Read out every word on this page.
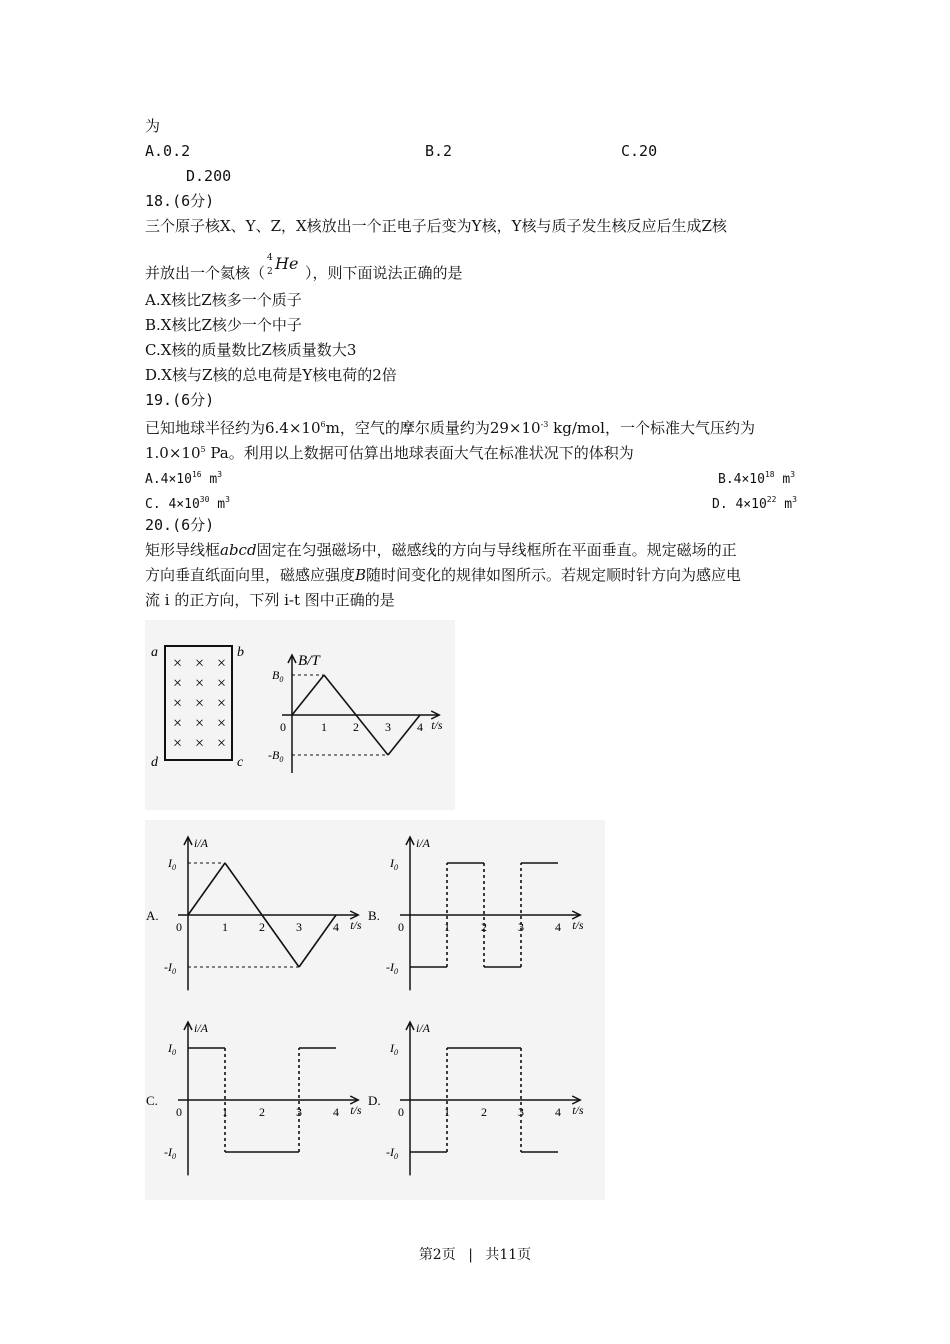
为
A.0.2	B.2	C.20
D.200
18.(6分)
三个原子核X、Y、Z，X核放出一个正电子后变为Y核，Y核与质子发生核反应后生成Z核
并放出一个氦核（
4
2 He ），则下面说法正确的是
A.X核比Z核多一个质子
B.X核比Z核少一个中子
C.X核的质量数比Z核质量数大3
D.X核与Z核的总电荷是Y核电荷的2倍
19.(6分)
已知地球半径约为$6.4\times 10^6m$，空气的摩尔质量约为$29\times 10^{-3}$ kg/mol，一个标准大气压约为
$1.0\times 10^5$ Pa。利用以上数据可估算出地球表面大气在标准状况下的体积为
$A.4\times 10^{16}$ $m^3$	$B.4\times 10^{18}$ $m^3$
C. $4\times 10^{30}$ $m^3$	D. $4\times 10^{22}$ $m^3$
20.(6分)
矩形导线框abcd固定在匀强磁场中，磁感线的方向与导线框所在平面垂直。规定磁场的正
方向垂直纸面向里，磁感应强度B随时间变化的规律如图所示。若规定顺时针方向为感应电
流 i 的正方向，下列 i-t 图中正确的是
a	b
c
d
× × ×
× × ×
× × ×
× × ×
× × ×
B/T
t/s
0	1 2 3 4
$B_0$
$-B_0$
i/A
t/s
0	1	2	3	4
$I_0$
$-I_0$
A.
i/A
t/s
0	1	2	3	4
$I_0$
$-I_0$
B.
i/A
t/s
0	1	2	3	4
$I_0$
$-I_0$
C.
i/A
t/s
0	1	2	3	4
$I_0$
$-I_0$
D.
第2页 | 共11页
